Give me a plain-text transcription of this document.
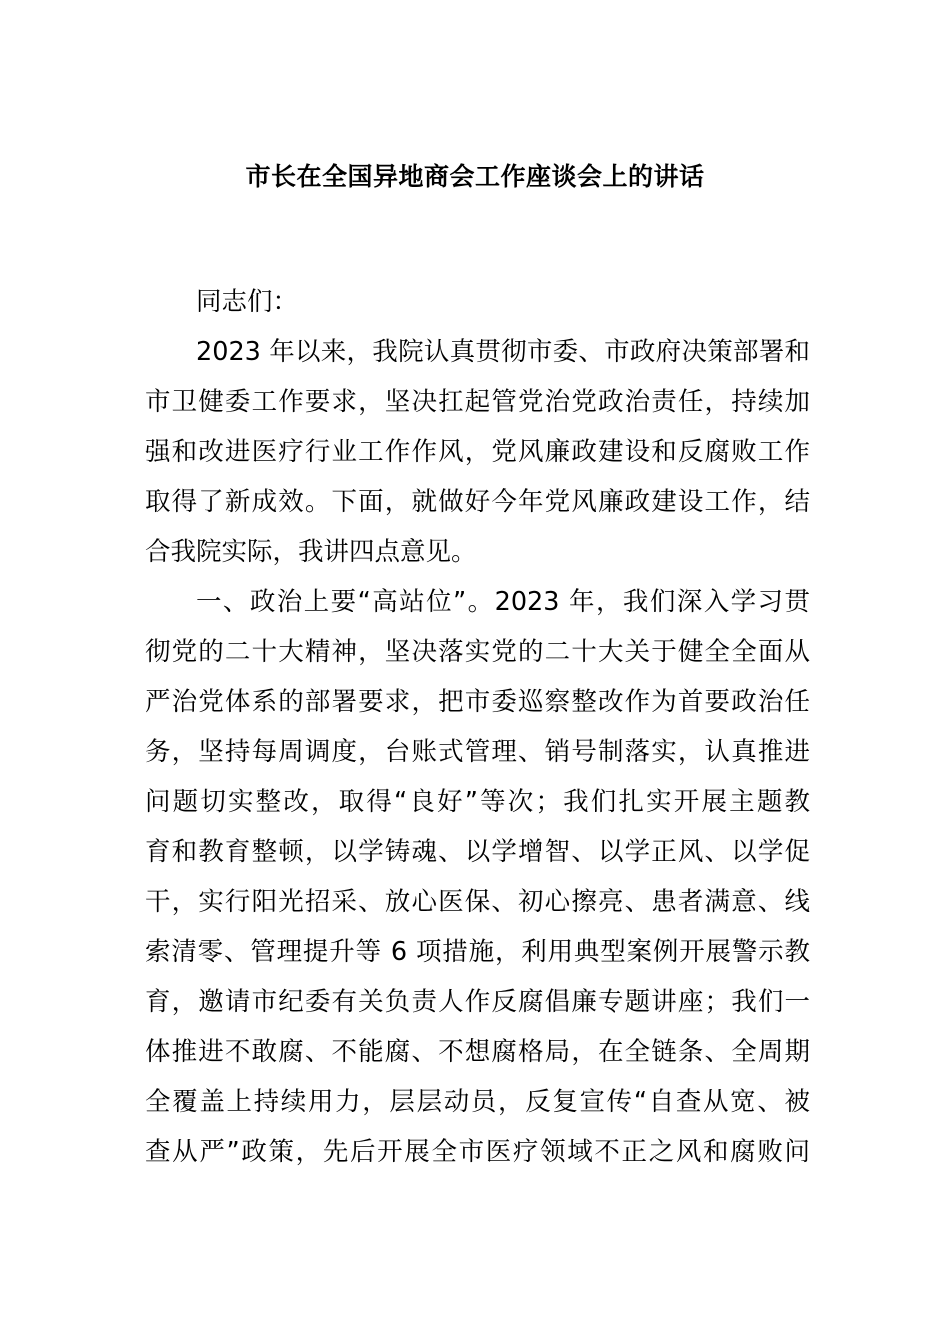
市长在全国异地商会工作座谈会上的讲话
同志们：
2023 年以来，我院认真贯彻市委、市政府决策部署和
市卫健委工作要求，坚决扛起管党治党政治责任，持续加
强和改进医疗行业工作作风，党风廉政建设和反腐败工作
取得了新成效。下面，就做好今年党风廉政建设工作，结
合我院实际，我讲四点意见。
一、政治上要“高站位”。2023 年，我们深入学习贯
彻党的二十大精神，坚决落实党的二十大关于健全全面从
严治党体系的部署要求，把市委巡察整改作为首要政治任
务，坚持每周调度，台账式管理、销号制落实，认真推进
问题切实整改，取得“良好”等次；我们扎实开展主题教
育和教育整顿，以学铸魂、以学增智、以学正风、以学促
干，实行阳光招采、放心医保、初心擦亮、患者满意、线
索清零、管理提升等 6 项措施，利用典型案例开展警示教
育，邀请市纪委有关负责人作反腐倡廉专题讲座；我们一
体推进不敢腐、不能腐、不想腐格局，在全链条、全周期
全覆盖上持续用力，层层动员，反复宣传“自查从宽、被
查从严”政策，先后开展全市医疗领域不正之风和腐败问
